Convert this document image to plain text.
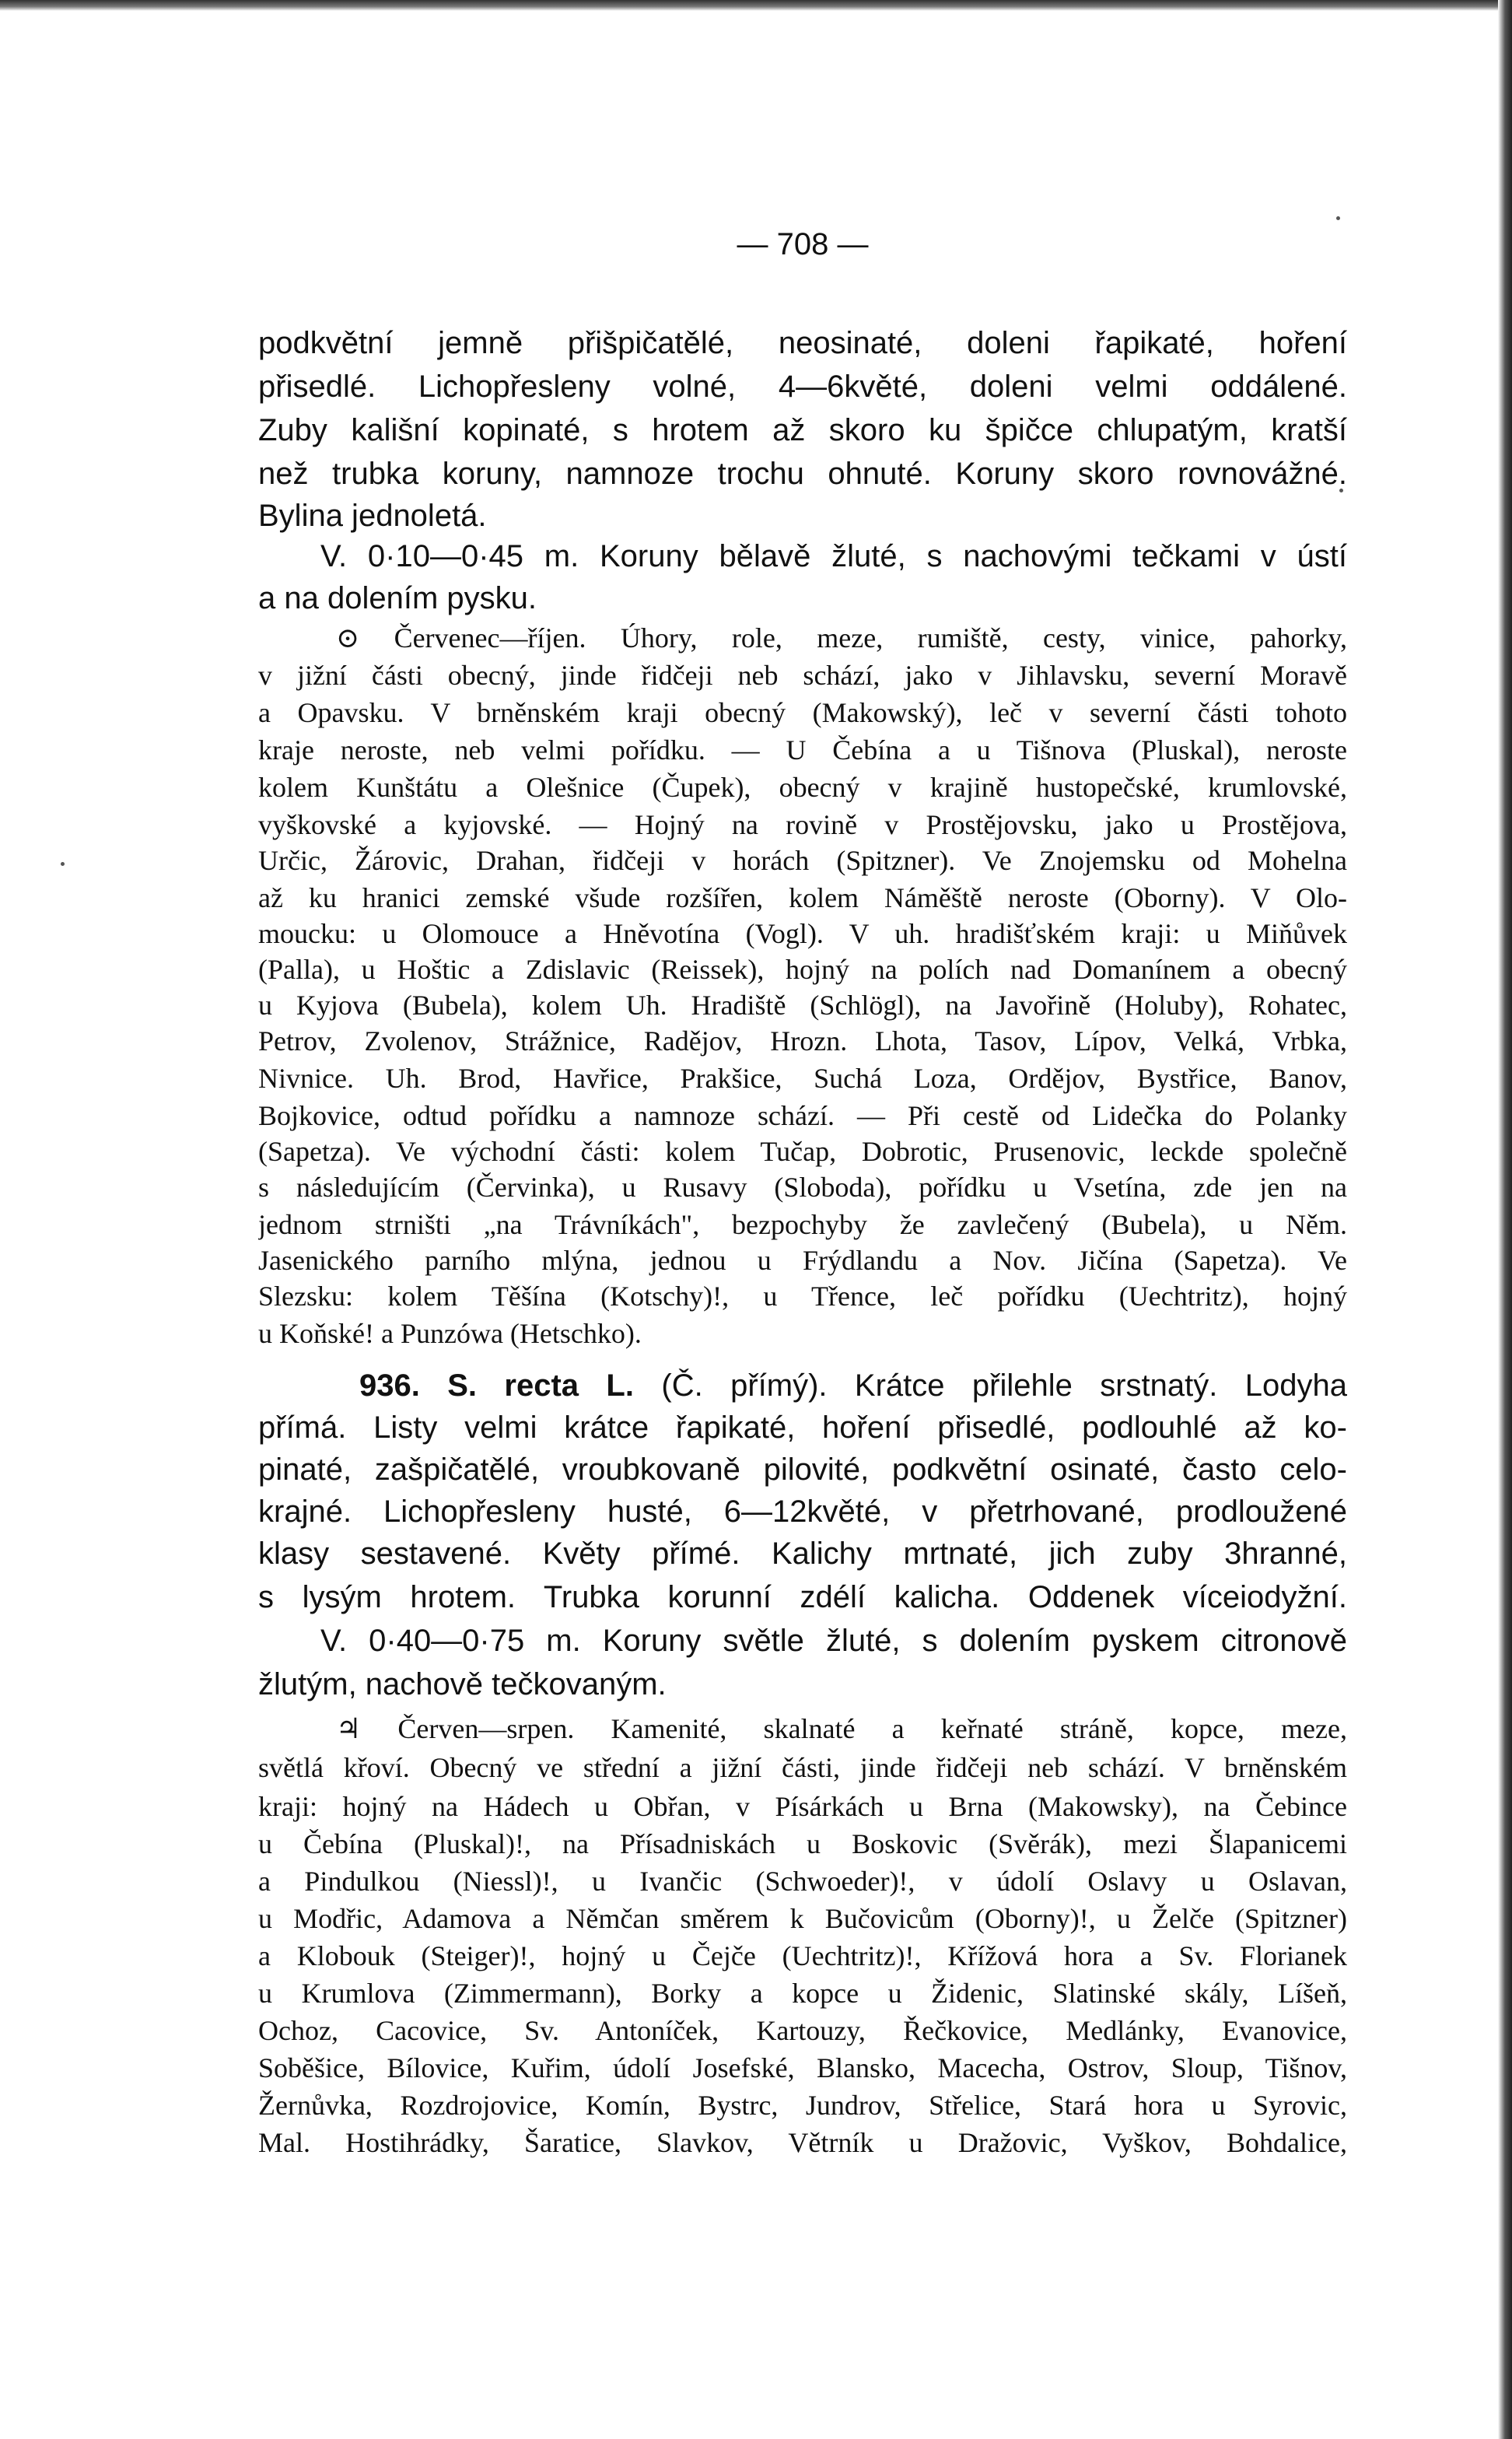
— 708 —
podkvětní jemně přišpičatělé, neosinaté, doleni řapikaté, hoření
přisedlé. Lichopřesleny volné, 4—6květé, doleni velmi oddálené.
Zuby kališní kopinaté, s hrotem až skoro ku špičce chlupatým, kratší
než trubka koruny, namnoze trochu ohnuté. Koruny skoro rovnovážné.
Bylina jednoletá.
V. 0·10—0·45 m. Koruny bělavě žluté, s nachovými tečkami v ústí
a na dolením pysku.
⊙ Červenec—říjen. Úhory, role, meze, rumiště, cesty, vinice, pahorky,
v jižní části obecný, jinde řidčeji neb schází, jako v Jihlavsku, severní Moravě
a Opavsku. V brněnském kraji obecný (Makowský), leč v severní části tohoto
kraje neroste, neb velmi pořídku. — U Čebína a u Tišnova (Pluskal), neroste
kolem Kunštátu a Olešnice (Čupek), obecný v krajině hustopečské, krumlovské,
vyškovské a kyjovské. — Hojný na rovině v Prostějovsku, jako u Prostějova,
Určic, Žárovic, Drahan, řidčeji v horách (Spitzner). Ve Znojemsku od Mohelna
až ku hranici zemské všude rozšířen, kolem Náměště neroste (Oborny). V Olo-
moucku: u Olomouce a Hněvotína (Vogl). V uh. hradišťském kraji: u Miňůvek
(Palla), u Hoštic a Zdislavic (Reissek), hojný na polích nad Domanínem a obecný
u Kyjova (Bubela), kolem Uh. Hradiště (Schlögl), na Javořině (Holuby), Rohatec,
Petrov, Zvolenov, Strážnice, Radějov, Hrozn. Lhota, Tasov, Lípov, Velká, Vrbka,
Nivnice. Uh. Brod, Havřice, Prakšice, Suchá Loza, Ordějov, Bystřice, Banov,
Bojkovice, odtud pořídku a namnoze schází. — Při cestě od Lidečka do Polanky
(Sapetza). Ve východní části: kolem Tučap, Dobrotic, Prusenovic, leckde společně
s následujícím (Červinka), u Rusavy (Sloboda), pořídku u Vsetína, zde jen na
jednom strništi „na Trávníkách", bezpochyby že zavlečený (Bubela), u Něm.
Jasenického parního mlýna, jednou u Frýdlandu a Nov. Jičína (Sapetza). Ve
Slezsku: kolem Těšína (Kotschy)!, u Třence, leč pořídku (Uechtritz), hojný
u Koňské! a Punzówa (Hetschko).
936. S. recta L. (Č. přímý). Krátce přilehle srstnatý. Lodyha
přímá. Listy velmi krátce řapikaté, hoření přisedlé, podlouhlé až ko-
pinaté, zašpičatělé, vroubkovaně pilovité, podkvětní osinaté, často celo-
krajné. Lichopřesleny husté, 6—12květé, v přetrhované, prodloužené
klasy sestavené. Květy přímé. Kalichy mrtnaté, jich zuby 3hranné,
s lysým hrotem. Trubka korunní zdélí kalicha. Oddenek víceiodyžní.
V. 0·40—0·75 m. Koruny světle žluté, s dolením pyskem citronově
žlutým, nachově tečkovaným.
♃ Červen—srpen. Kamenité, skalnaté a keřnaté stráně, kopce, meze,
světlá křoví. Obecný ve střední a jižní části, jinde řidčeji neb schází. V brněnském
kraji: hojný na Hádech u Obřan, v Písárkách u Brna (Makowsky), na Čebince
u Čebína (Pluskal)!, na Přísadniskách u Boskovic (Svěrák), mezi Šlapanicemi
a Pindulkou (Niessl)!, u Ivančic (Schwoeder)!, v údolí Oslavy u Oslavan,
u Modřic, Adamova a Němčan směrem k Bučovicům (Oborny)!, u Želče (Spitzner)
a Klobouk (Steiger)!, hojný u Čejče (Uechtritz)!, Křížová hora a Sv. Florianek
u Krumlova (Zimmermann), Borky a kopce u Židenic, Slatinské skály, Líšeň,
Ochoz, Cacovice, Sv. Antoníček, Kartouzy, Řečkovice, Medlánky, Evanovice,
Soběšice, Bílovice, Kuřim, údolí Josefské, Blansko, Macecha, Ostrov, Sloup, Tišnov,
Žernůvka, Rozdrojovice, Komín, Bystrc, Jundrov, Střelice, Stará hora u Syrovic,
Mal. Hostihrádky, Šaratice, Slavkov, Větrník u Dražovic, Vyškov, Bohdalice,
